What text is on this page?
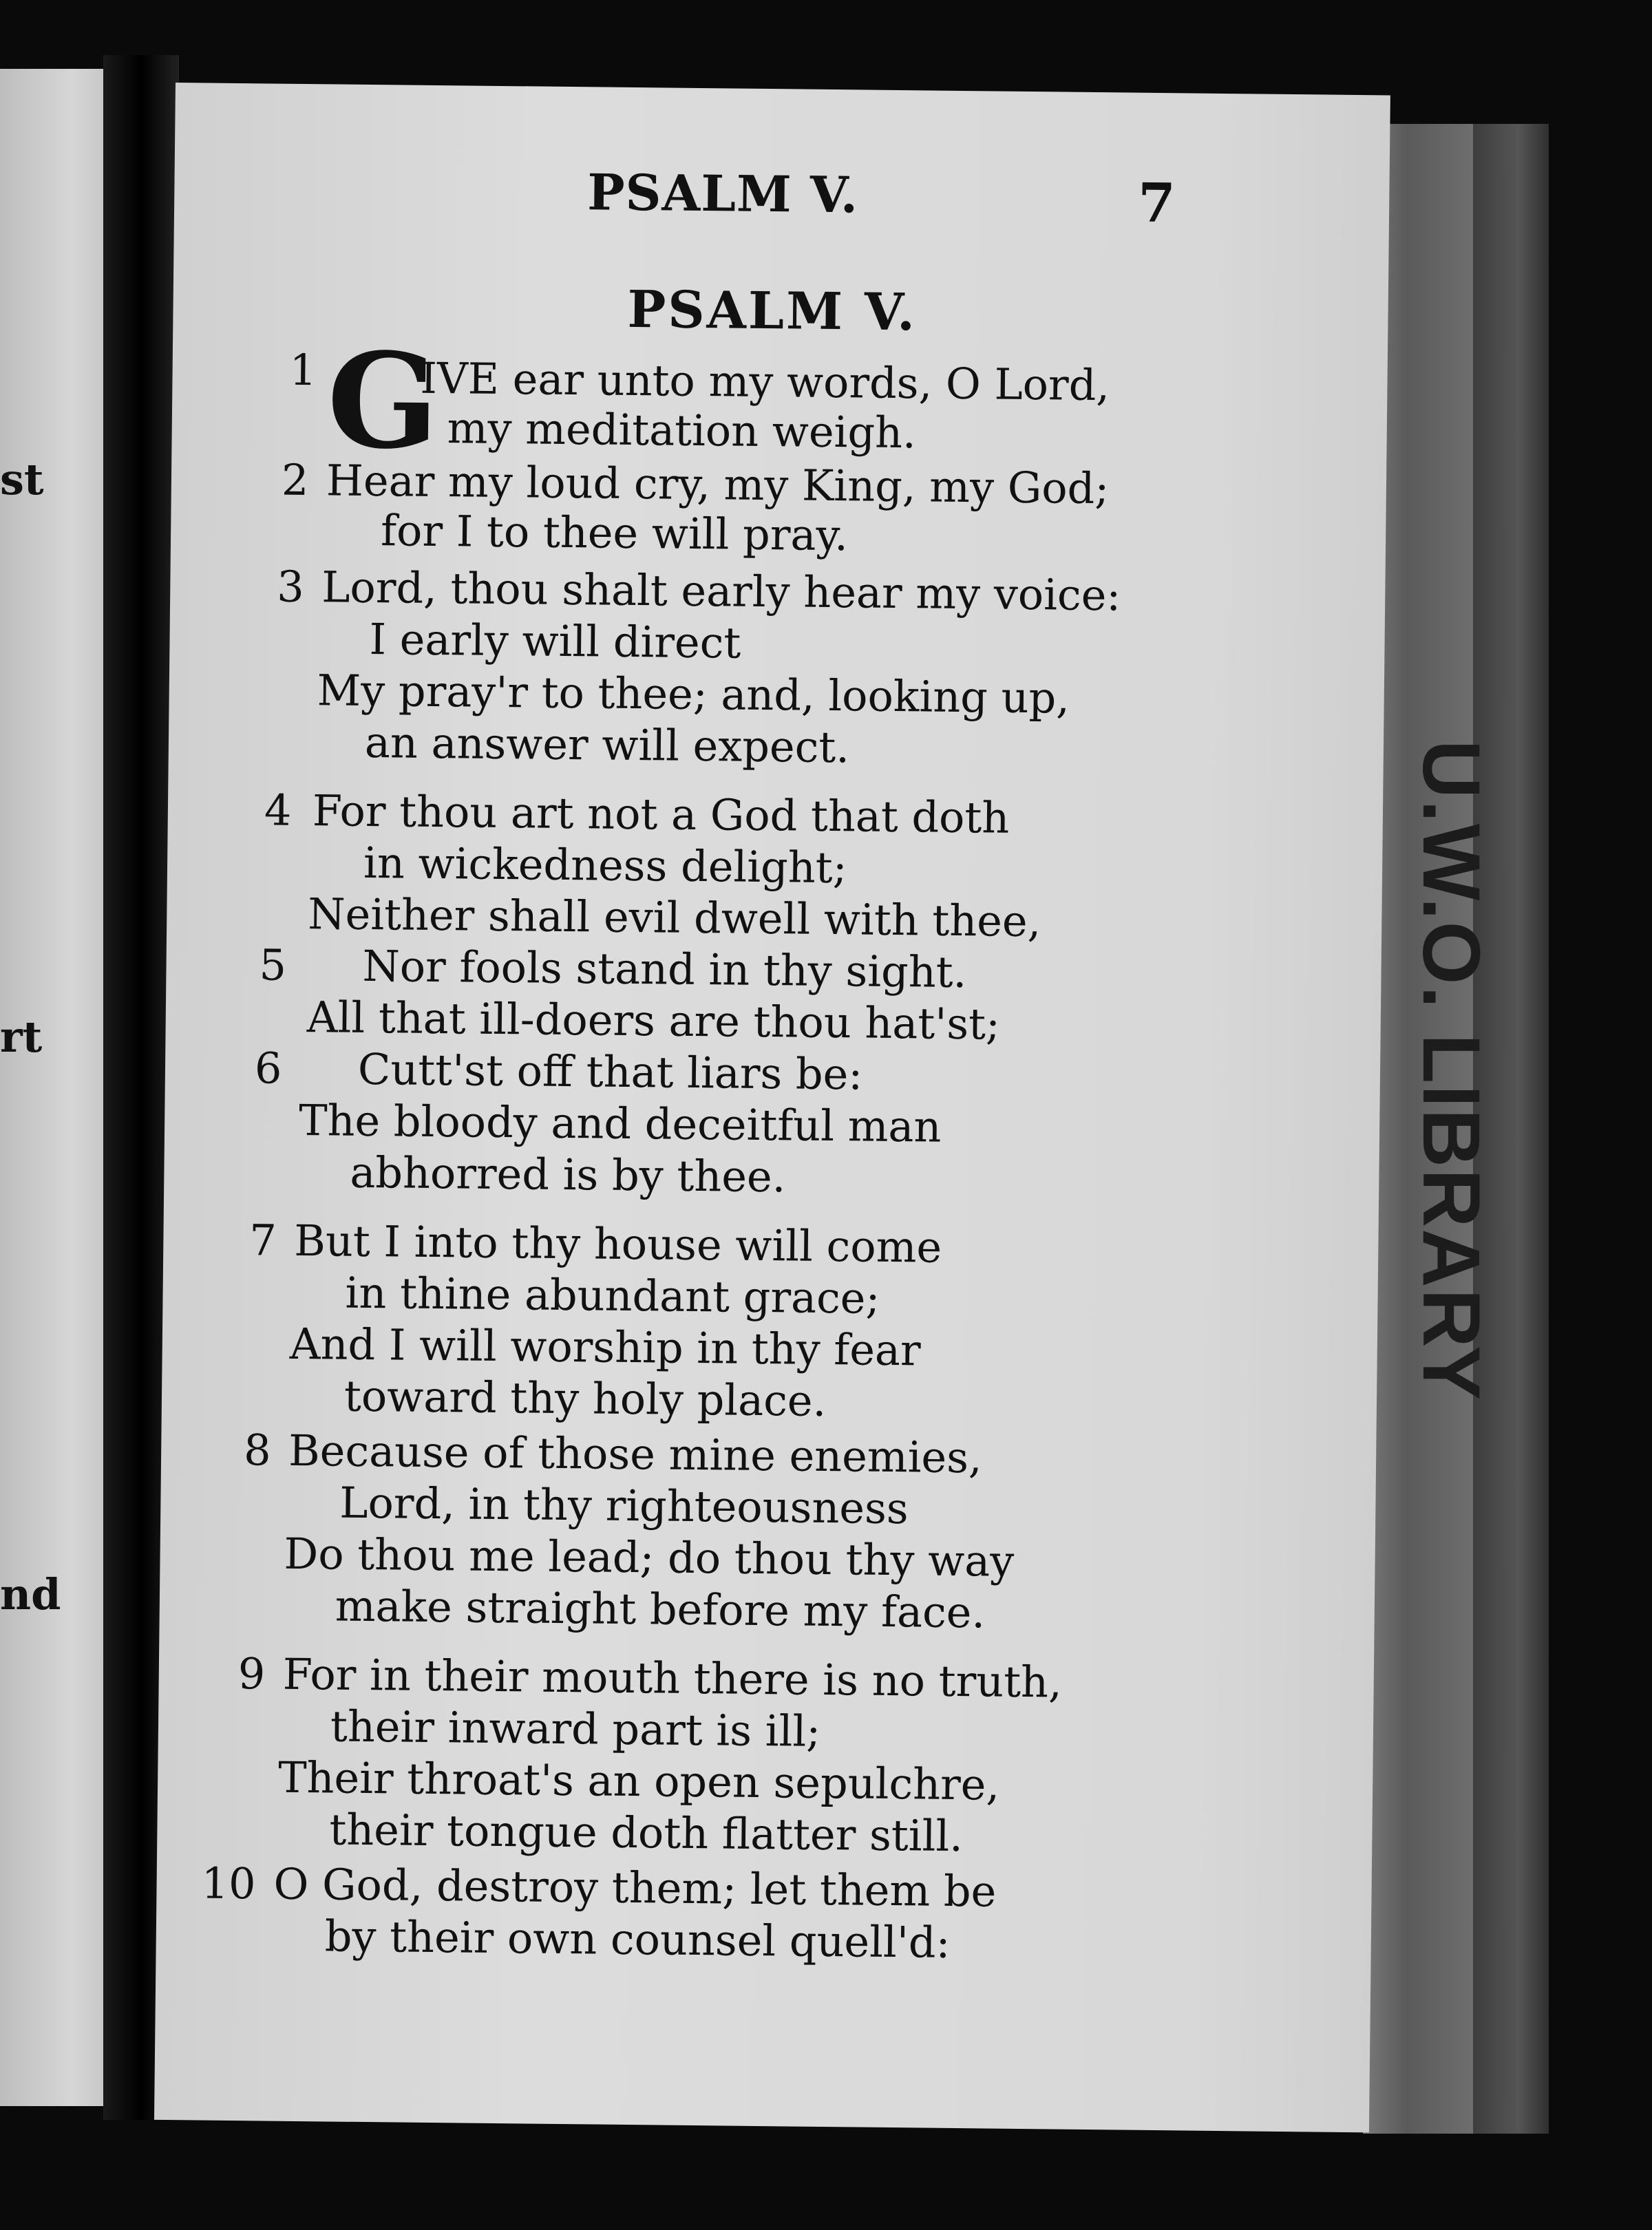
st
rt
nd
U.W.O. LIBRARY
PSALM V.	7
PSALM V.
1 G
IVE ear unto my words, O Lord,
my meditation weigh.
2 Hear my loud cry, my King, my God;
for I to thee will pray.
3 Lord, thou shalt early hear my voice:
I early will direct
My pray'r to thee; and, looking up,
an answer will expect.
4 For thou art not a God that doth
in wickedness delight;
Neither shall evil dwell with thee,
5 Nor fools stand in thy sight.
All that ill-doers are thou hat'st;
6 Cutt'st off that liars be:
The bloody and deceitful man
abhorred is by thee.
7 But I into thy house will come
in thine abundant grace;
And I will worship in thy fear
toward thy holy place.
8 Because of those mine enemies,
Lord, in thy righteousness
Do thou me lead; do thou thy way
make straight before my face.
9 For in their mouth there is no truth,
their inward part is ill;
Their throat's an open sepulchre,
their tongue doth flatter still.
10 O God, destroy them; let them be
by their own counsel quell'd:
